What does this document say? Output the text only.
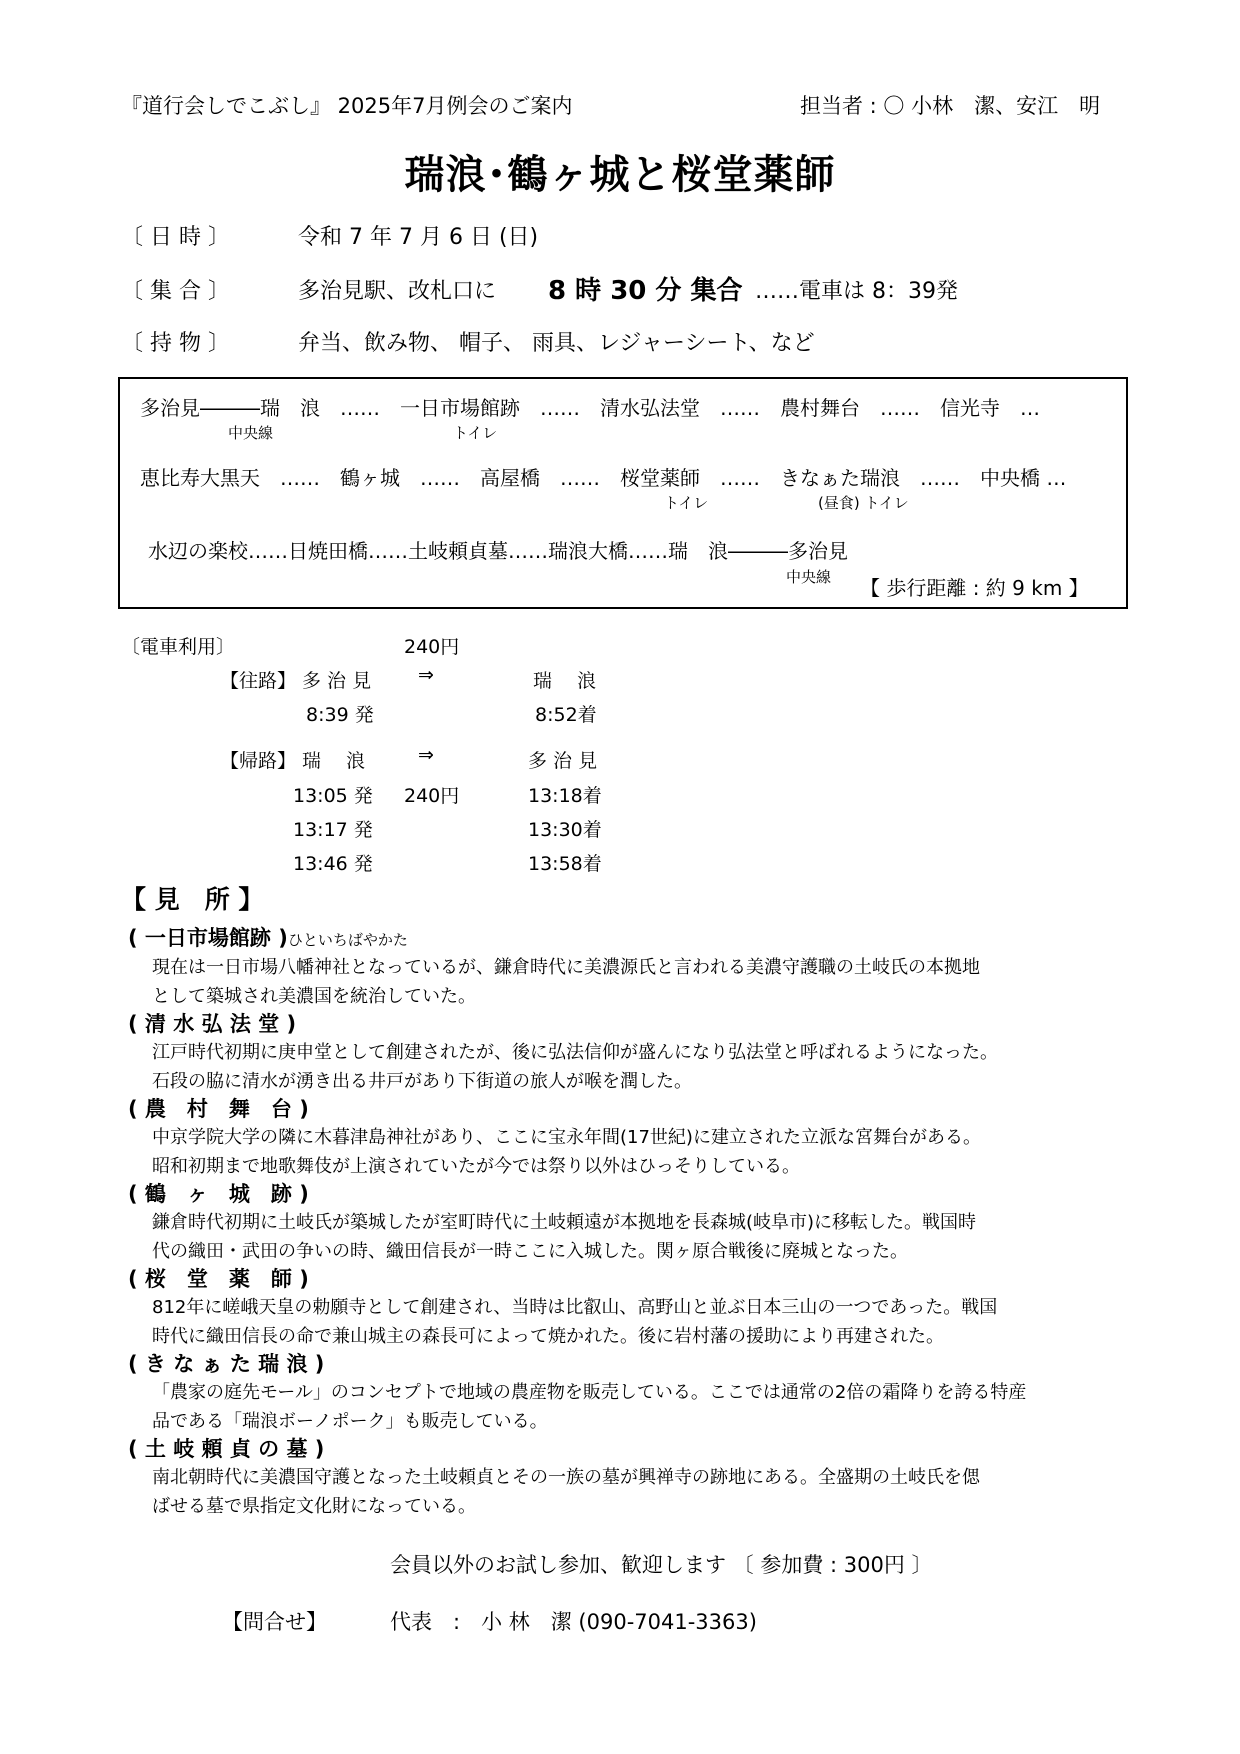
『道行会しでこぶし』 2025年7月例会のご案内	担当者 : 〇 小林　潔、安江　明
瑞浪･鶴ヶ城と桜堂薬師
〔 日 時 〕	令和 7 年 7 月 6 日 (日)
〔 集 合 〕	多治見駅、改札口に 8 時 30 分 集合 ……電車は 8：39発
〔 持 物 〕	弁当、飲み物、 帽子、 雨具、レジャーシート、など
多治見―――瑞　浪　……　一日市場館跡　……　清水弘法堂　……　農村舞台　……　信光寺　…
中央線	トイレ
恵比寿大黒天　……　鶴ヶ城　……　高屋橋　……　桜堂薬師　……　きなぁた瑞浪　……　中央橋 …
トイレ	(昼食) トイレ
水辺の楽校……日焼田橋……土岐頼貞墓……瑞浪大橋……瑞　浪―――多治見
中央線 【 歩行距離 : 約 9 km 】
〔電車利用〕	240円
【往路】 多 治 見 ⇒	瑞　 浪
8:39 発	8:52着
【帰路】 瑞　 浪	⇒	多 治 見
13:05 発 240円	13:18着
13:17 発	13:30着
13:46 発	13:58着
【 見　所 】
( 一日市場館跡 )ひといちばやかた
現在は一日市場八幡神社となっているが、鎌倉時代に美濃源氏と言われる美濃守護職の土岐氏の本拠地
として築城され美濃国を統治していた。
( 清 水 弘 法 堂 )
江戸時代初期に庚申堂として創建されたが、後に弘法信仰が盛んになり弘法堂と呼ばれるようになった。
石段の脇に清水が湧き出る井戸があり下街道の旅人が喉を潤した。
( 農　村　舞　台 )
中京学院大学の隣に木暮津島神社があり、ここに宝永年間(17世紀)に建立された立派な宮舞台がある。
昭和初期まで地歌舞伎が上演されていたが今では祭り以外はひっそりしている。
( 鶴　ヶ　城　跡 )
鎌倉時代初期に土岐氏が築城したが室町時代に土岐頼遠が本拠地を長森城(岐阜市)に移転した。戦国時
代の織田・武田の争いの時、織田信長が一時ここに入城した。関ヶ原合戦後に廃城となった。
( 桜　堂　薬　師 )
812年に嵯峨天皇の勅願寺として創建され、当時は比叡山、高野山と並ぶ日本三山の一つであった。戦国
時代に織田信長の命で兼山城主の森長可によって焼かれた。後に岩村藩の援助により再建された。
( き な ぁ た 瑞 浪 )
「農家の庭先モール」のコンセプトで地域の農産物を販売している。ここでは通常の2倍の霜降りを誇る特産
品である「瑞浪ボーノポーク」も販売している。
( 土 岐 頼 貞 の 墓 )
南北朝時代に美濃国守護となった土岐頼貞とその一族の墓が興禅寺の跡地にある。全盛期の土岐氏を偲
ばせる墓で県指定文化財になっている。
会員以外のお試し参加、歓迎します 〔 参加費 : 300円 〕
【問合せ】	代表　:　小 林　潔 (090-7041-3363)
